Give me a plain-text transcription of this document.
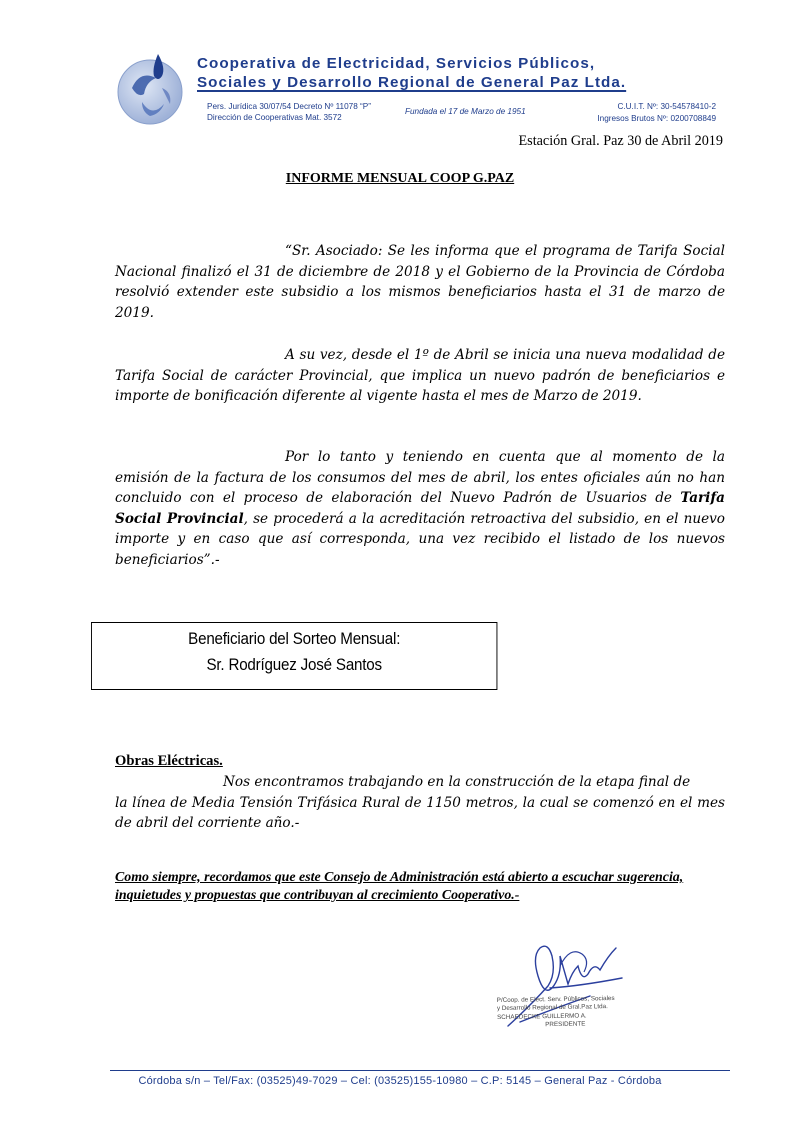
Cooperativa de Electricidad, Servicios Públicos,
Sociales y Desarrollo Regional de General Paz Ltda.
Pers. Jurídica 30/07/54 Decreto Nº 11078 “P”
Dirección de Cooperativas Mat. 3572
Fundada el 17 de Marzo de 1951
C.U.I.T. Nº: 30-54578410-2
Ingresos Brutos Nº: 0200708849
Estación Gral. Paz 30 de Abril 2019
INFORME MENSUAL COOP G.PAZ
“Sr. Asociado: Se les informa que el programa de Tarifa Social Nacional finalizó el 31 de diciembre de 2018 y el Gobierno de la Provincia de Córdoba resolvió extender este subsidio a los mismos beneficiarios hasta el 31 de marzo de 2019.
A su vez, desde el 1º de Abril se inicia una nueva modalidad de Tarifa Social de carácter Provincial, que implica un nuevo padrón de beneficiarios e importe de bonificación diferente al vigente hasta el mes de Marzo de 2019.
Por lo tanto y teniendo en cuenta que al momento de la emisión de la factura de los consumos del mes de abril, los entes oficiales aún no han concluido con el proceso de elaboración del Nuevo Padrón de Usuarios de Tarifa Social Provincial, se procederá a la acreditación retroactiva del subsidio, en el nuevo importe y en caso que así corresponda, una vez recibido el listado de los nuevos beneficiarios”.-
Beneficiario del Sorteo Mensual:
Sr. Rodríguez José Santos
Obras Eléctricas.
Nos encontramos trabajando en la construcción de la etapa final de
la línea de Media Tensión Trifásica Rural de 1150 metros, la cual se comenzó en el mes de abril del corriente año.-
Como siempre, recordamos que este Consejo de Administración está abierto a escuchar sugerencia, inquietudes y propuestas que contribuyan al crecimiento Cooperativo.-
P/Coop. de Elect. Serv. Públicos, Sociales
y Desarrollo Regional de Gral.Paz Ltda.
SCHAEDECKE GUILLERMO A.
PRESIDENTE
Córdoba s/n – Tel/Fax: (03525)49-7029 – Cel: (03525)155-10980 – C.P: 5145 – General Paz - Córdoba
